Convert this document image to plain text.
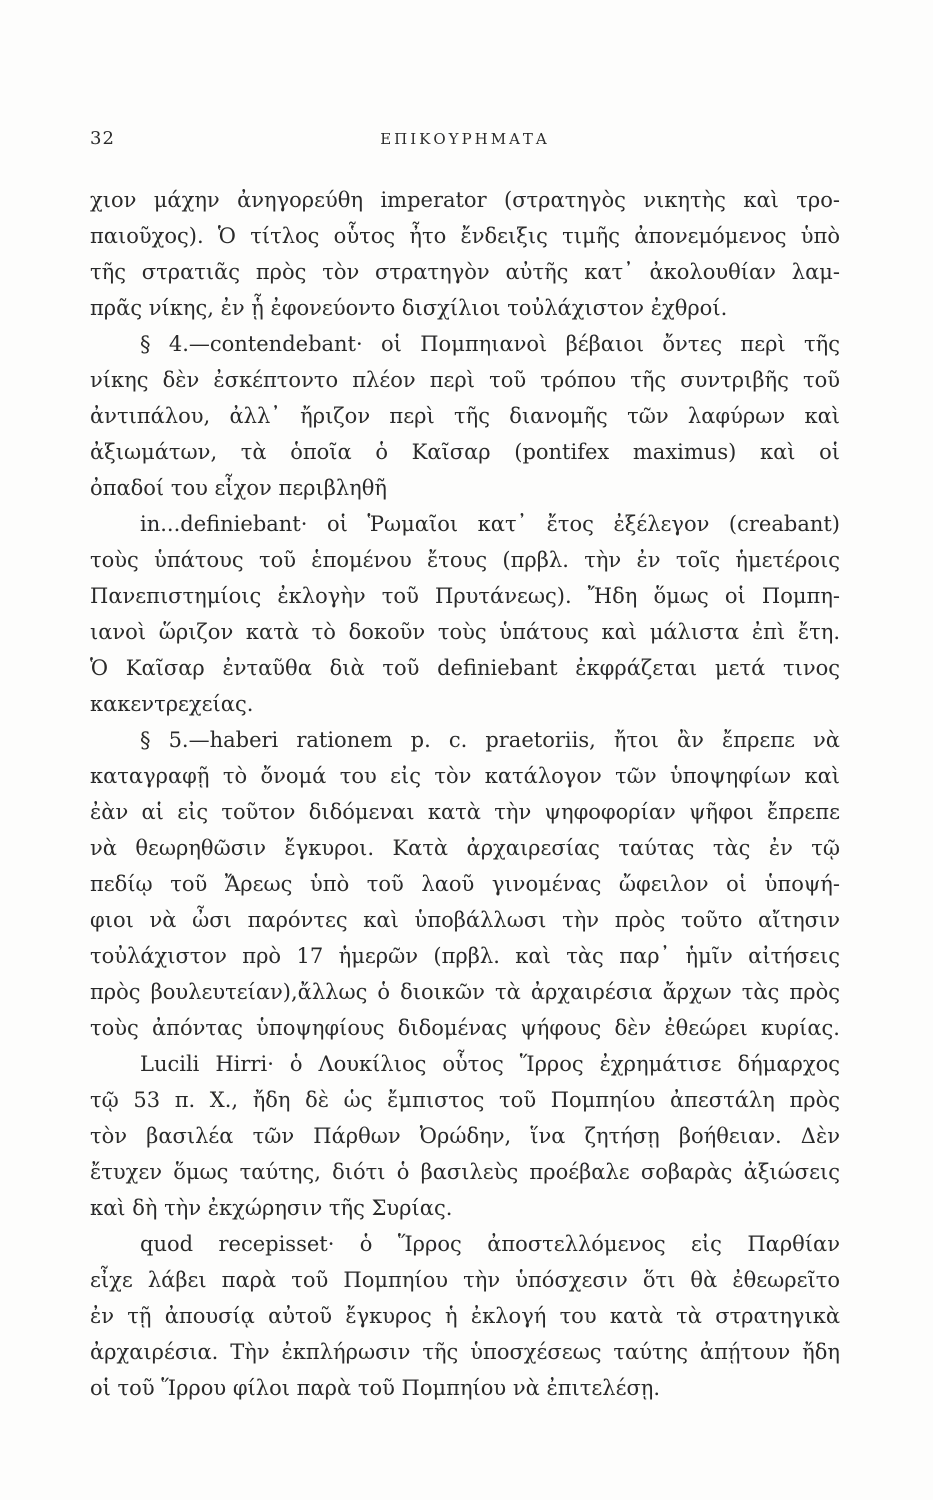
32	ΕΠΙΚΟΥΡΗΜΑΤΑ
χιον μάχην ἀνηγορεύθη imperator (στρατηγὸς νικητὴς καὶ τρο-
παιοῦχος). Ὁ τίτλος οὗτος ἦτο ἔνδειξις τιμῆς ἀπονεμόμενος ὑπὸ
τῆς στρατιᾶς πρὸς τὸν στρατηγὸν αὐτῆς κατ᾽ ἀκολουθίαν λαμ-
πρᾶς νίκης, ἐν ᾗ ἐφονεύοντο δισχίλιοι τοὐλάχιστον ἐχθροί.
§ 4.—contendebant· οἱ Πομπηιανοὶ βέβαιοι ὄντες περὶ τῆς
νίκης δὲν ἐσκέπτοντο πλέον περὶ τοῦ τρόπου τῆς συντριβῆς τοῦ
ἀντιπάλου, ἀλλ᾽ ἤριζον περὶ τῆς διανομῆς τῶν λαφύρων καὶ
ἀξιωμάτων, τὰ ὁποῖα ὁ Καῖσαρ (pontifex maximus) καὶ οἱ
ὀπαδοί του εἶχον περιβληθῆ
in...definiebant· οἱ Ῥωμαῖοι κατ᾽ ἔτος ἐξέλεγον (creabant)
τοὺς ὑπάτους τοῦ ἑπομένου ἔτους (πρβλ. τὴν ἐν τοῖς ἡμετέροις
Πανεπιστημίοις ἐκλογὴν τοῦ Πρυτάνεως). Ἤδη ὅμως οἱ Πομπη-
ιανοὶ ὥριζον κατὰ τὸ δοκοῦν τοὺς ὑπάτους καὶ μάλιστα ἐπὶ ἔτη.
Ὁ Καῖσαρ ἐνταῦθα διὰ τοῦ definiebant ἐκφράζεται μετά τινος
κακεντρεχείας.
§ 5.—haberi rationem p. c. praetoriis, ἤτοι ἂν ἔπρεπε νὰ
καταγραφῇ τὸ ὄνομά του εἰς τὸν κατάλογον τῶν ὑποψηφίων καὶ
ἐὰν αἱ εἰς τοῦτον διδόμεναι κατὰ τὴν ψηφοφορίαν ψῆφοι ἔπρεπε
νὰ θεωρηθῶσιν ἔγκυροι. Κατὰ ἀρχαιρεσίας ταύτας τὰς ἐν τῷ
πεδίῳ τοῦ Ἄρεως ὑπὸ τοῦ λαοῦ γινομένας ὤφειλον οἱ ὑποψή-
φιοι νὰ ὦσι παρόντες καὶ ὑποβάλλωσι τὴν πρὸς τοῦτο αἴτησιν
τοὐλάχιστον πρὸ 17 ἡμερῶν (πρβλ. καὶ τὰς παρ᾽ ἡμῖν αἰτήσεις
πρὸς βουλευτείαν),ἄλλως ὁ διοικῶν τὰ ἀρχαιρέσια ἄρχων τὰς πρὸς
τοὺς ἀπόντας ὑποψηφίους διδομένας ψήφους δὲν ἐθεώρει κυρίας.
Lucili Hirri· ὁ Λουκίλιος οὗτος Ἵρρος ἐχρημάτισε δήμαρχος
τῷ 53 π. Χ., ἤδη δὲ ὡς ἔμπιστος τοῦ Πομπηίου ἀπεστάλη πρὸς
τὸν βασιλέα τῶν Πάρθων Ὀρώδην, ἵνα ζητήσῃ βοήθειαν. Δὲν
ἔτυχεν ὅμως ταύτης, διότι ὁ βασιλεὺς προέβαλε σοβαρὰς ἀξιώσεις
καὶ δὴ τὴν ἐκχώρησιν τῆς Συρίας.
quod recepisset· ὁ Ἵρρος ἀποστελλόμενος εἰς Παρθίαν
εἶχε λάβει παρὰ τοῦ Πομπηίου τὴν ὑπόσχεσιν ὅτι θὰ ἐθεωρεῖτο
ἐν τῇ ἀπουσίᾳ αὐτοῦ ἔγκυρος ἡ ἐκλογή του κατὰ τὰ στρατηγικὰ
ἀρχαιρέσια. Τὴν ἐκπλήρωσιν τῆς ὑποσχέσεως ταύτης ἀπῄτουν ἤδη
οἱ τοῦ Ἵρρου φίλοι παρὰ τοῦ Πομπηίου νὰ ἐπιτελέσῃ.
